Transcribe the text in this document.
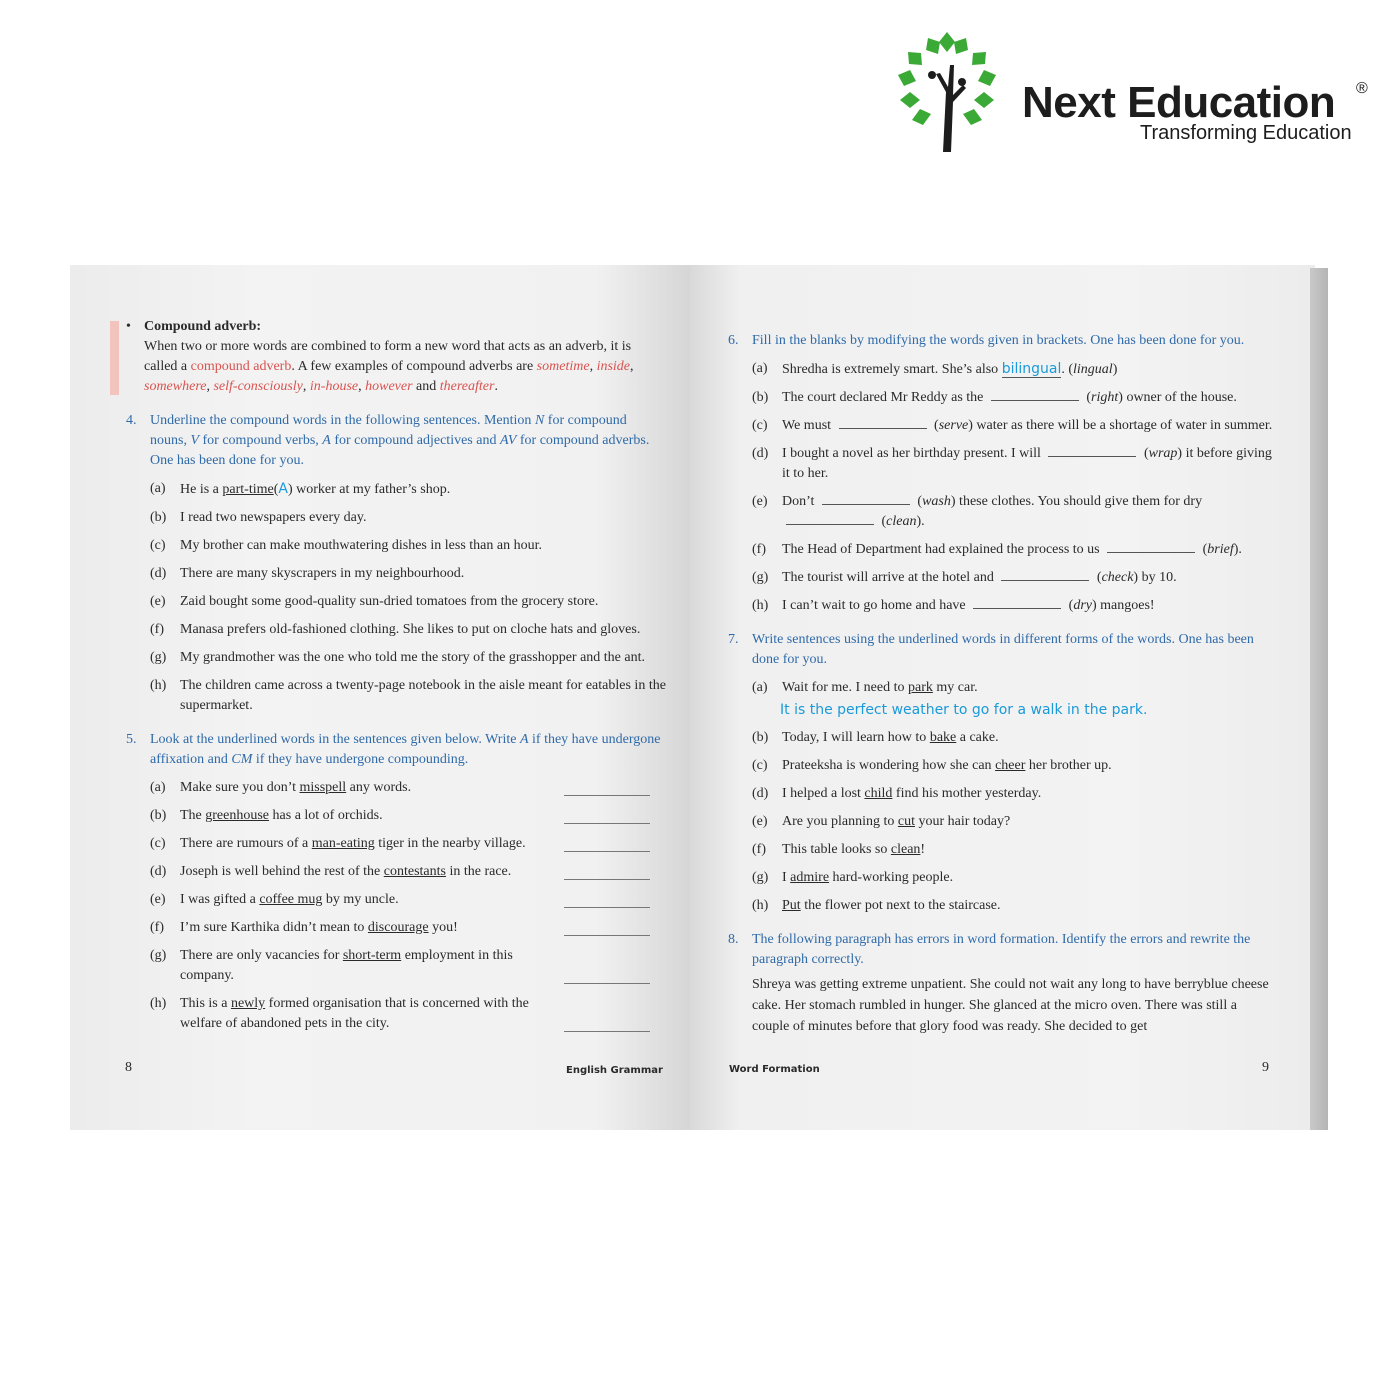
Next Education
Transforming Education
®
• Compound adverb:
When two or more words are combined to form a new word that acts as an adverb, it is called a compound adverb. A few examples of compound adverbs are sometime, inside, somewhere, self-consciously, in-house, however and thereafter.
4. Underline the compound words in the following sentences. Mention N for compound nouns, V for compound verbs, A for compound adjectives and AV for compound adverbs. One has been done for you.
(a) He is a part-time(A) worker at my father’s shop.
(b) I read two newspapers every day.
(c) My brother can make mouthwatering dishes in less than an hour.
(d) There are many skyscrapers in my neighbourhood.
(e) Zaid bought some good-quality sun-dried tomatoes from the grocery store.
(f) Manasa prefers old-fashioned clothing. She likes to put on cloche hats and gloves.
(g) My grandmother was the one who told me the story of the grasshopper and the ant.
(h) The children came across a twenty-page notebook in the aisle meant for eatables in the supermarket.
5. Look at the underlined words in the sentences given below. Write A if they have undergone affixation and CM if they have undergone compounding.
(a) Make sure you don’t misspell any words.
(b) The greenhouse has a lot of orchids.
(c) There are rumours of a man-eating tiger in the nearby village.
(d) Joseph is well behind the rest of the contestants in the race.
(e) I was gifted a coffee mug by my uncle.
(f) I’m sure Karthika didn’t mean to discourage you!
(g) There are only vacancies for short-term employment in this company.
(h) This is a newly formed organisation that is concerned with the welfare of abandoned pets in the city.
8	English Grammar
6. Fill in the blanks by modifying the words given in brackets. One has been done for you.
(a) Shredha is extremely smart. She’s also bilingual. (lingual)
(b) The court declared Mr Reddy as the	(right) owner of the house.
(c) We must	(serve) water as there will be a shortage of water in summer.
(d) I bought a novel as her birthday present. I will	(wrap) it before giving it to her.
(e) Don’t	(wash) these clothes. You should give them for dry  (clean).
(f) The Head of Department had explained the process to us	(brief).
(g) The tourist will arrive at the hotel and	(check) by 10.
(h) I can’t wait to go home and have	(dry) mangoes!
7. Write sentences using the underlined words in different forms of the words. One has been done for you.
(a) Wait for me. I need to park my car.
It is the perfect weather to go for a walk in the park.
(b) Today, I will learn how to bake a cake.
(c) Prateeksha is wondering how she can cheer her brother up.
(d) I helped a lost child find his mother yesterday.
(e) Are you planning to cut your hair today?
(f) This table looks so clean!
(g) I admire hard-working people.
(h) Put the flower pot next to the staircase.
8. The following paragraph has errors in word formation. Identify the errors and rewrite the paragraph correctly.
Shreya was getting extreme unpatient. She could not wait any long to have berryblue cheese cake. Her stomach rumbled in hunger. She glanced at the micro oven. There was still a couple of minutes before that glory food was ready. She decided to get
Word Formation	9
